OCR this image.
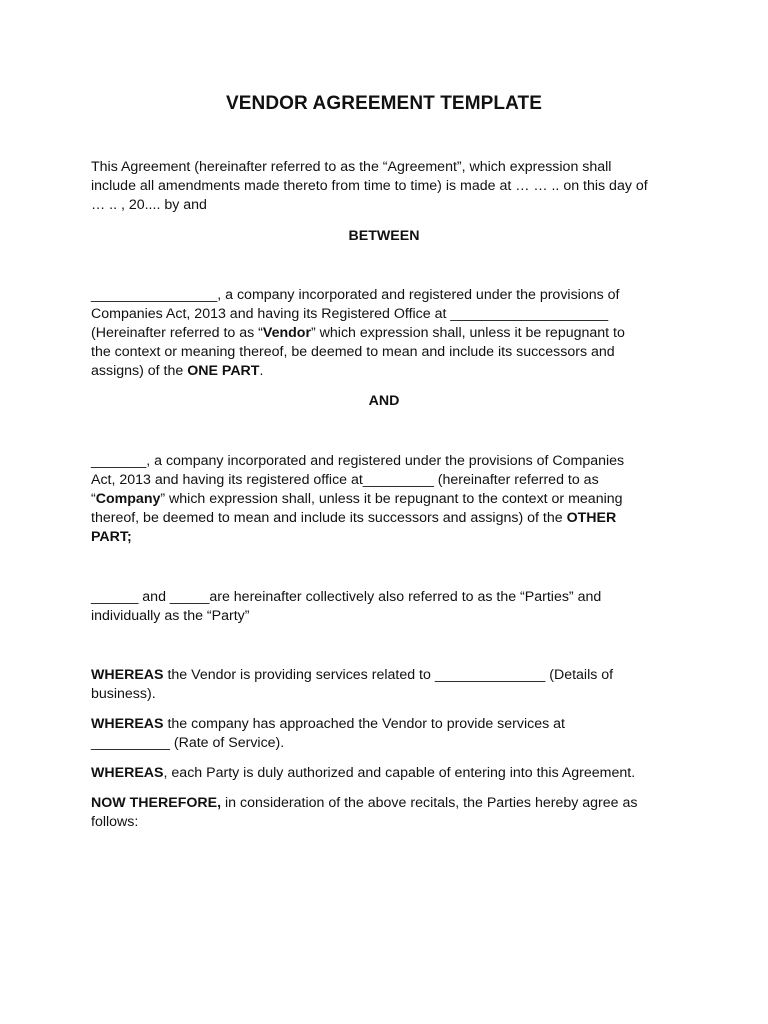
VENDOR AGREEMENT TEMPLATE

This Agreement (hereinafter referred to as the “Agreement”, which expression shall
include all amendments made thereto from time to time) is made at … … .. on this day of
… .. , 20.... by and

BETWEEN

________________, a company incorporated and registered under the provisions of
Companies Act, 2013 and having its Registered Office at ____________________
(Hereinafter referred to as “Vendor” which expression shall, unless it be repugnant to
the context or meaning thereof, be deemed to mean and include its successors and
assigns) of the ONE PART.

AND

_______, a company incorporated and registered under the provisions of Companies
Act, 2013 and having its registered office at_________ (hereinafter referred to as
“Company” which expression shall, unless it be repugnant to the context or meaning
thereof, be deemed to mean and include its successors and assigns) of the OTHER
PART;

______ and _____are hereinafter collectively also referred to as the “Parties” and
individually as the “Party”

WHEREAS the Vendor is providing services related to ______________ (Details of
business).

WHEREAS the company has approached the Vendor to provide services at
__________ (Rate of Service).

WHEREAS, each Party is duly authorized and capable of entering into this Agreement.

NOW THEREFORE, in consideration of the above recitals, the Parties hereby agree as
follows:
